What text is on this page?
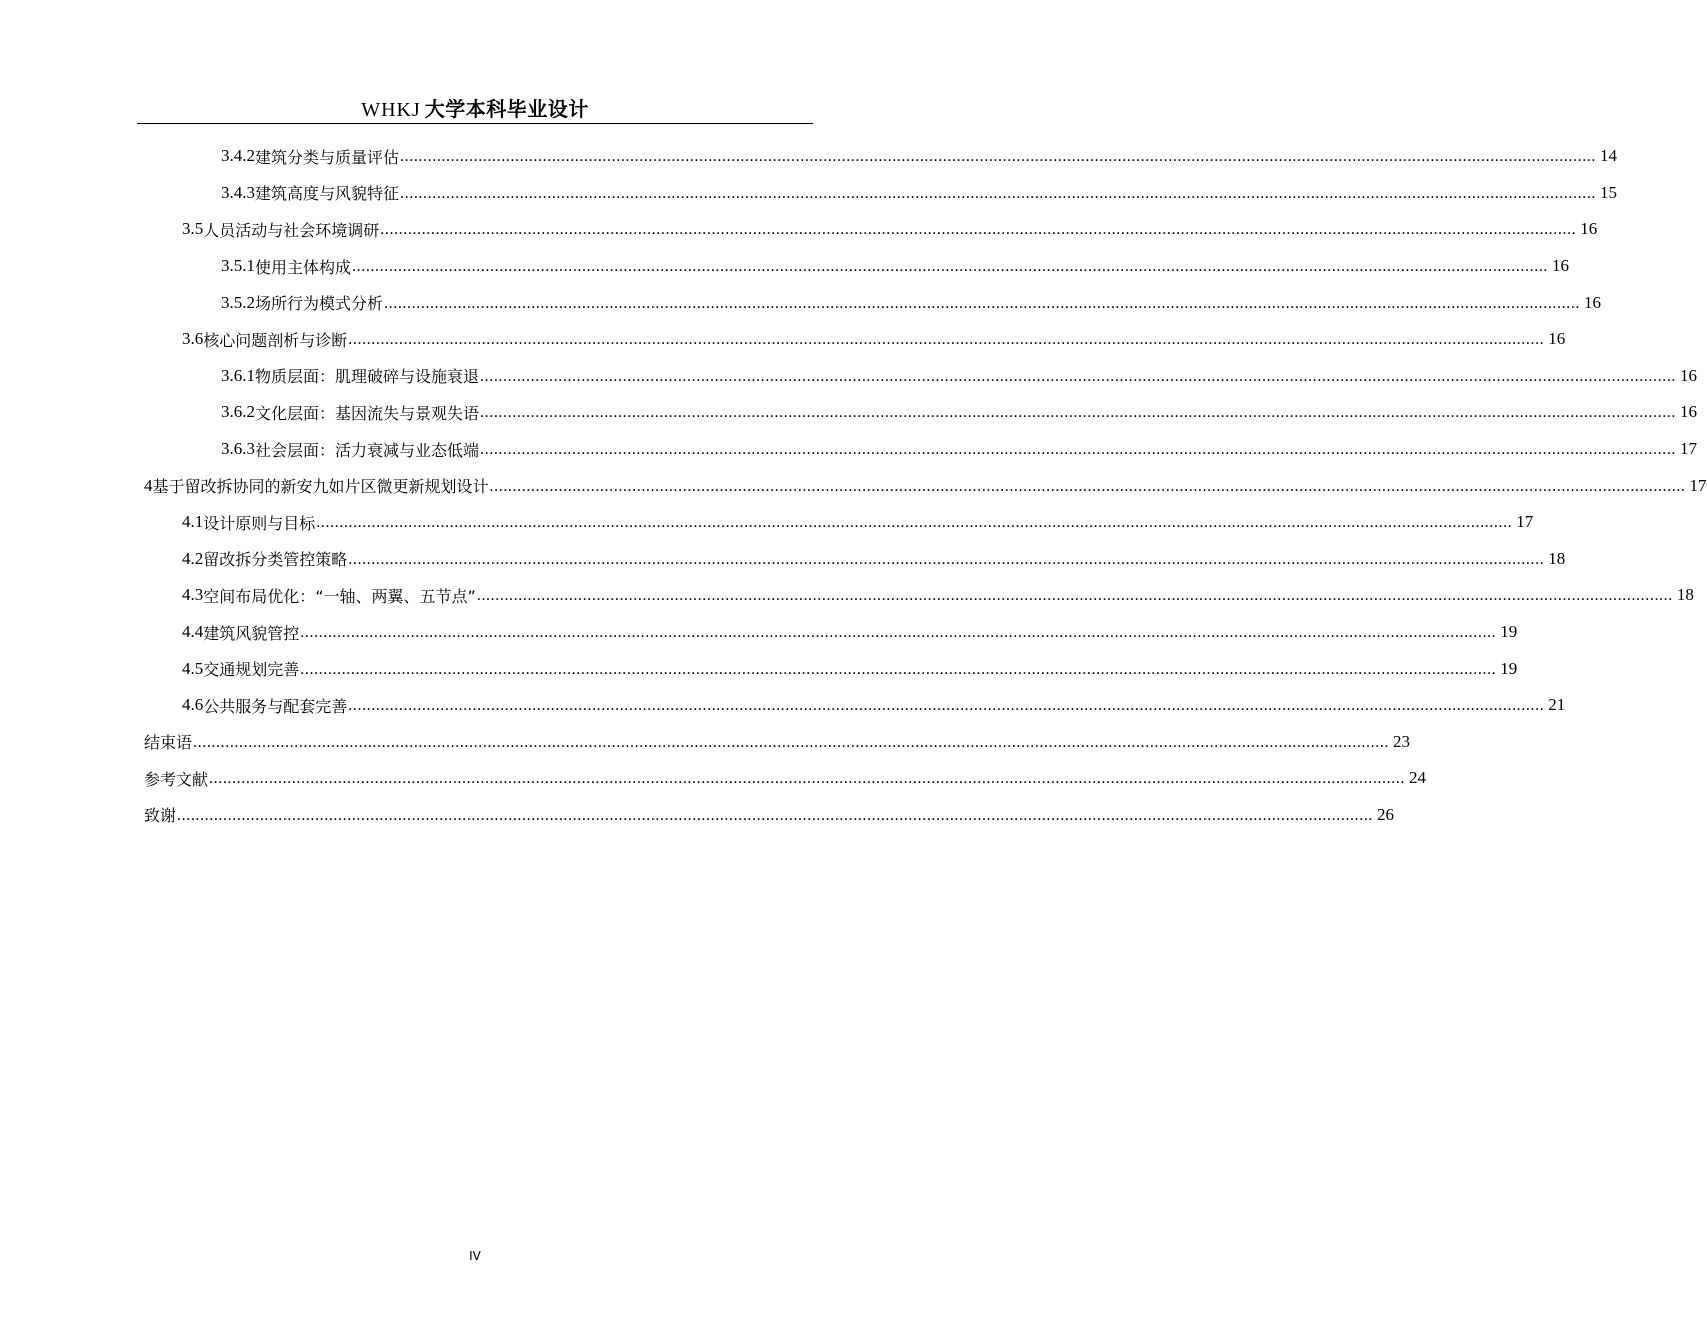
WHKJ 大学本科毕业设计
3.4.2 建筑分类与质量评估 .................................................................................................................................................................................................................................................................... 14
3.4.3 建筑高度与风貌特征 .................................................................................................................................................................................................................................................................... 15
3.5 人员活动与社会环境调研 .................................................................................................................................................................................................................................................................... 16
3.5.1 使用主体构成 .................................................................................................................................................................................................................................................................... 16
3.5.2 场所行为模式分析 .................................................................................................................................................................................................................................................................... 16
3.6 核心问题剖析与诊断 .................................................................................................................................................................................................................................................................... 16
3.6.1 物质层面：肌理破碎与设施衰退 .................................................................................................................................................................................................................................................................... 16
3.6.2 文化层面：基因流失与景观失语 .................................................................................................................................................................................................................................................................... 16
3.6.3 社会层面：活力衰减与业态低端 .................................................................................................................................................................................................................................................................... 17
4 基于留改拆协同的新安九如片区微更新规划设计 .................................................................................................................................................................................................................................................................... 17
4.1 设计原则与目标 .................................................................................................................................................................................................................................................................... 17
4.2 留改拆分类管控策略 .................................................................................................................................................................................................................................................................... 18
4.3 空间布局优化：“一轴、两翼、五节点” .................................................................................................................................................................................................................................................................... 18
4.4 建筑风貌管控 .................................................................................................................................................................................................................................................................... 19
4.5 交通规划完善 .................................................................................................................................................................................................................................................................... 19
4.6 公共服务与配套完善 .................................................................................................................................................................................................................................................................... 21
结束语 .................................................................................................................................................................................................................................................................... 23
参考文献 .................................................................................................................................................................................................................................................................... 24
致谢 .................................................................................................................................................................................................................................................................... 26
IV
